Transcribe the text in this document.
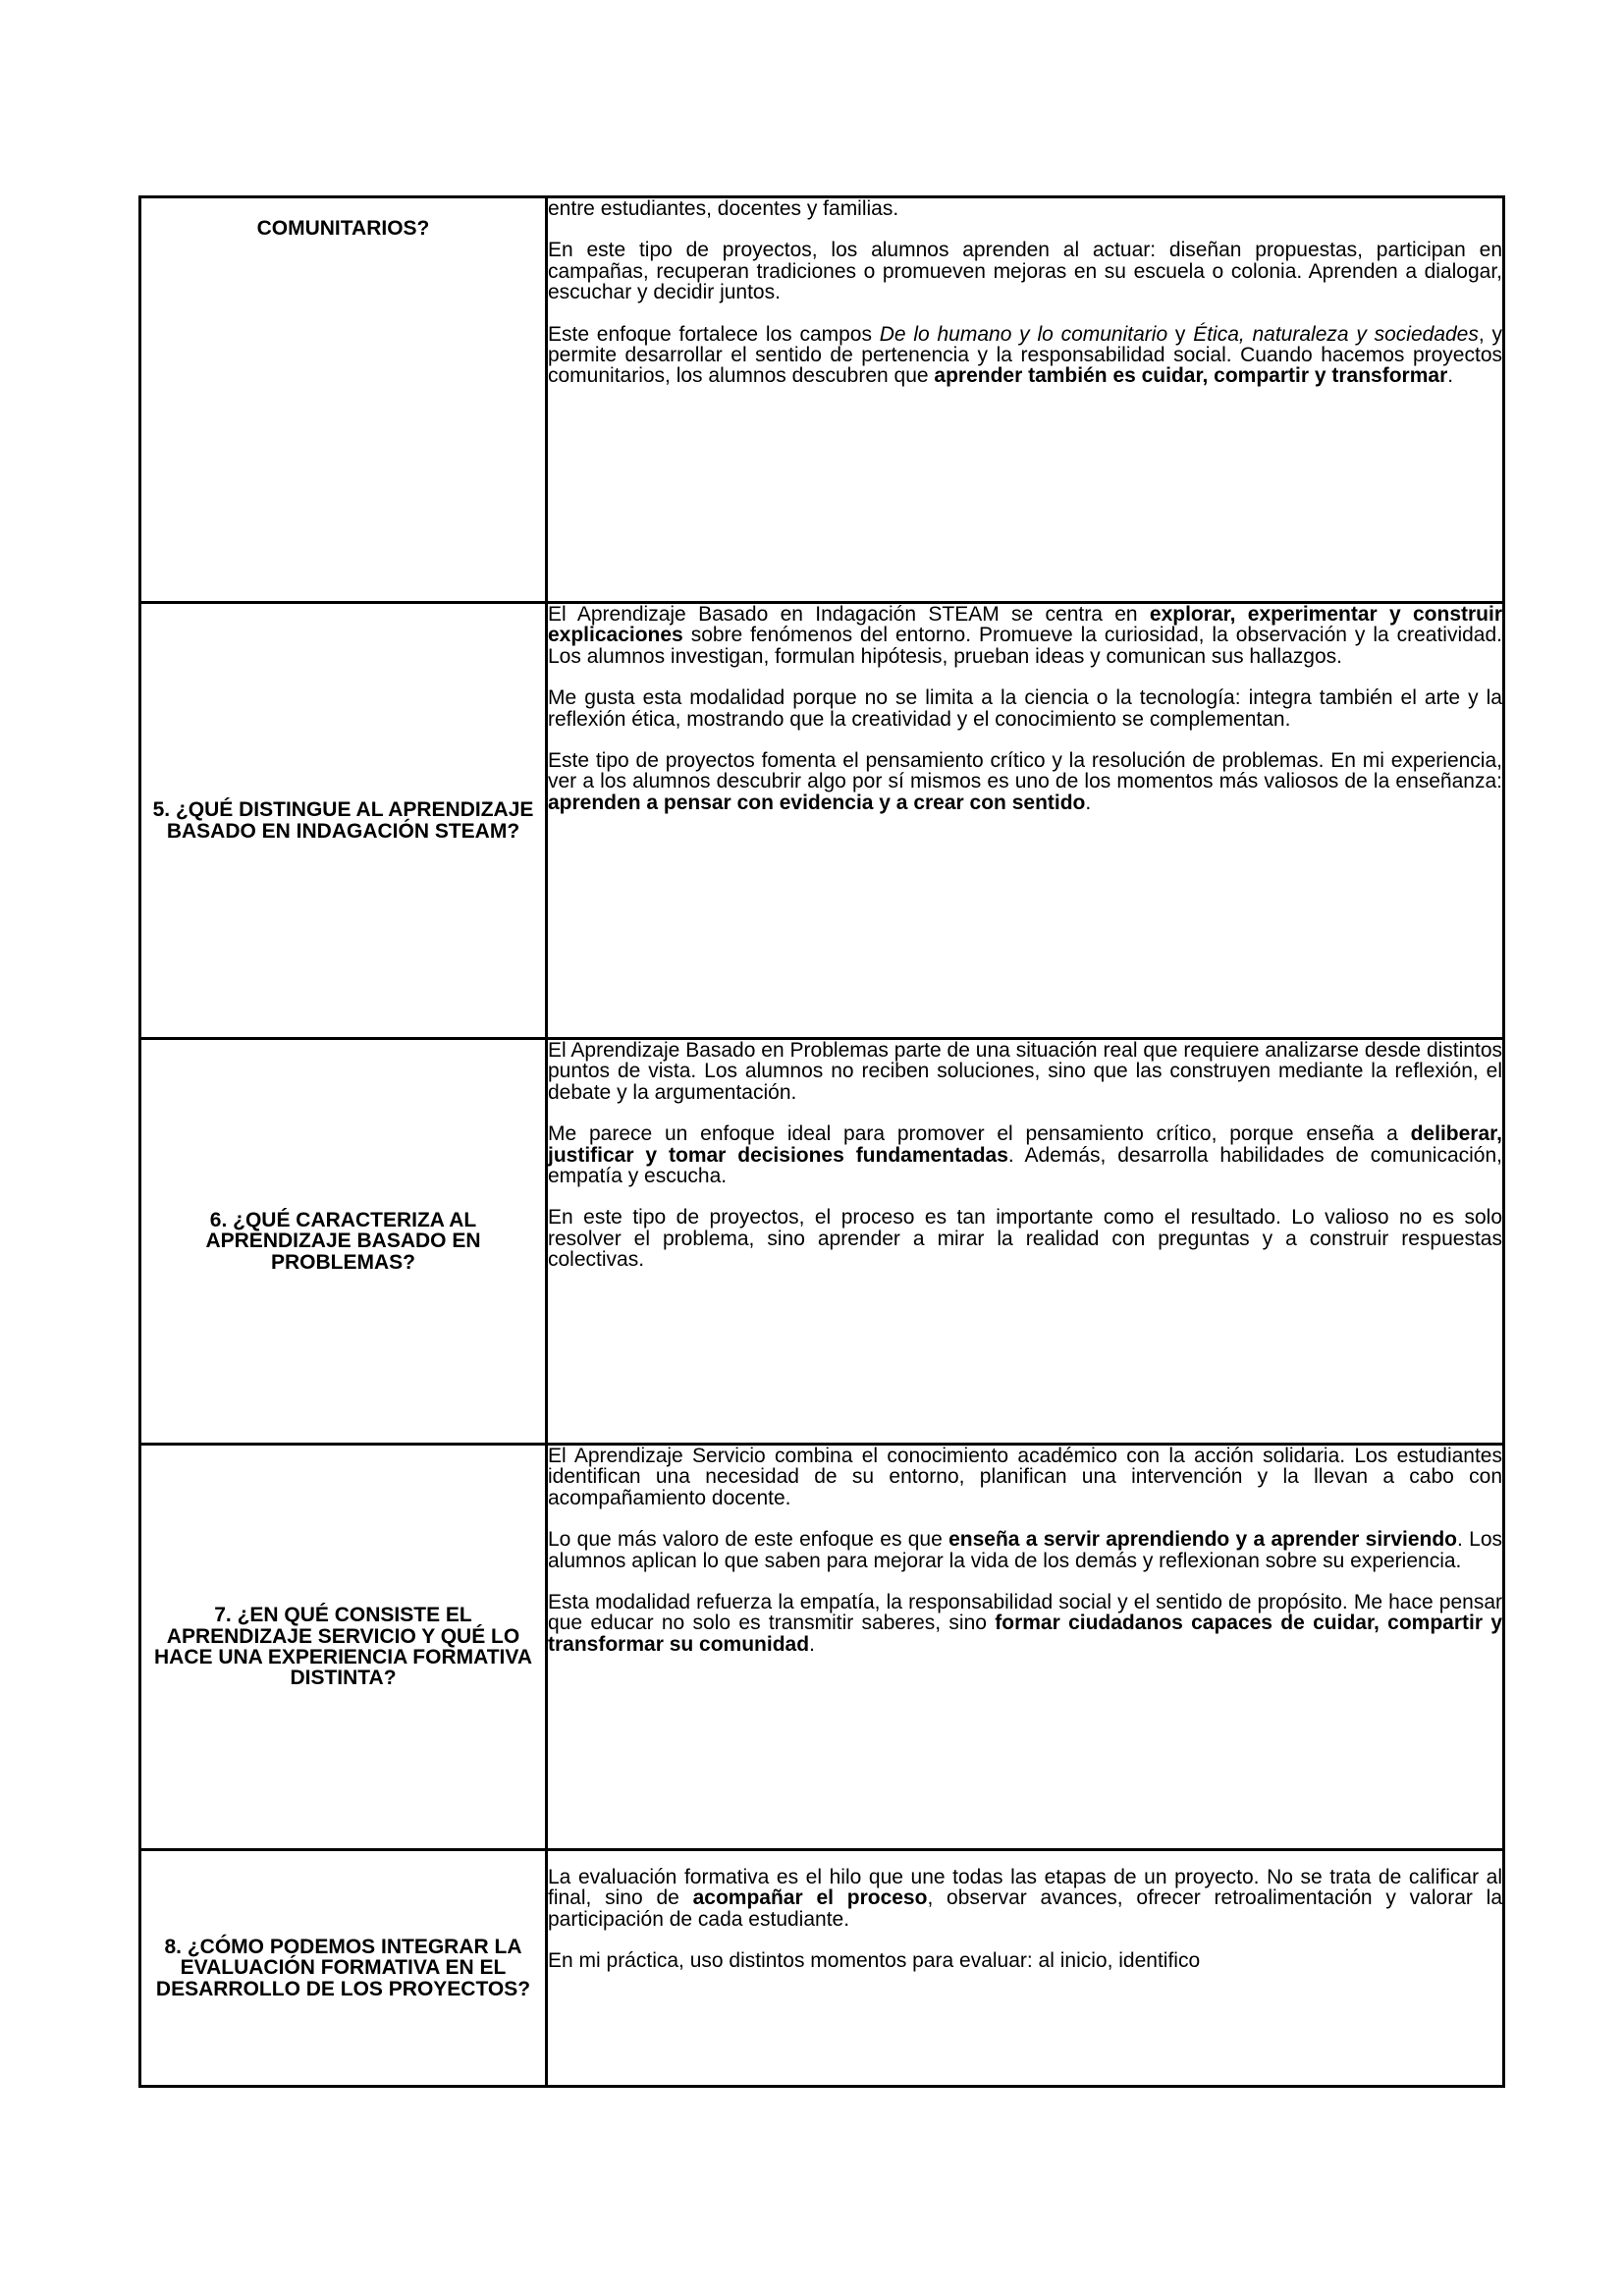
COMUNITARIOS?	entre estudiantes, docentes y familias.

En este tipo de proyectos, los alumnos aprenden al actuar: diseñan propuestas, participan en campañas, recuperan tradiciones o promueven mejoras en su escuela o colonia. Aprenden a dialogar, escuchar y decidir juntos.

Este enfoque fortalece los campos De lo humano y lo comunitario y Ética, naturaleza y sociedades, y permite desarrollar el sentido de pertenencia y la responsabilidad social. Cuando hacemos proyectos comunitarios, los alumnos descubren que aprender también es cuidar, compartir y transformar.

5. ¿QUÉ DISTINGUE AL APRENDIZAJE BASADO EN INDAGACIÓN STEAM?	El Aprendizaje Basado en Indagación STEAM se centra en explorar, experimentar y construir explicaciones sobre fenómenos del entorno. Promueve la curiosidad, la observación y la creatividad. Los alumnos investigan, formulan hipótesis, prueban ideas y comunican sus hallazgos.

Me gusta esta modalidad porque no se limita a la ciencia o la tecnología: integra también el arte y la reflexión ética, mostrando que la creatividad y el conocimiento se complementan.

Este tipo de proyectos fomenta el pensamiento crítico y la resolución de problemas. En mi experiencia, ver a los alumnos descubrir algo por sí mismos es uno de los momentos más valiosos de la enseñanza: aprenden a pensar con evidencia y a crear con sentido.

6. ¿QUÉ CARACTERIZA AL APRENDIZAJE BASADO EN PROBLEMAS?	El Aprendizaje Basado en Problemas parte de una situación real que requiere analizarse desde distintos puntos de vista. Los alumnos no reciben soluciones, sino que las construyen mediante la reflexión, el debate y la argumentación.

Me parece un enfoque ideal para promover el pensamiento crítico, porque enseña a deliberar, justificar y tomar decisiones fundamentadas. Además, desarrolla habilidades de comunicación, empatía y escucha.

En este tipo de proyectos, el proceso es tan importante como el resultado. Lo valioso no es solo resolver el problema, sino aprender a mirar la realidad con preguntas y a construir respuestas colectivas.

7. ¿EN QUÉ CONSISTE EL APRENDIZAJE SERVICIO Y QUÉ LO HACE UNA EXPERIENCIA FORMATIVA DISTINTA?	El Aprendizaje Servicio combina el conocimiento académico con la acción solidaria. Los estudiantes identifican una necesidad de su entorno, planifican una intervención y la llevan a cabo con acompañamiento docente.

Lo que más valoro de este enfoque es que enseña a servir aprendiendo y a aprender sirviendo. Los alumnos aplican lo que saben para mejorar la vida de los demás y reflexionan sobre su experiencia.

Esta modalidad refuerza la empatía, la responsabilidad social y el sentido de propósito. Me hace pensar que educar no solo es transmitir saberes, sino formar ciudadanos capaces de cuidar, compartir y transformar su comunidad.

8. ¿CÓMO PODEMOS INTEGRAR LA EVALUACIÓN FORMATIVA EN EL DESARROLLO DE LOS PROYECTOS?	La evaluación formativa es el hilo que une todas las etapas de un proyecto. No se trata de calificar al final, sino de acompañar el proceso, observar avances, ofrecer retroalimentación y valorar la participación de cada estudiante.

En mi práctica, uso distintos momentos para evaluar: al inicio, identifico
